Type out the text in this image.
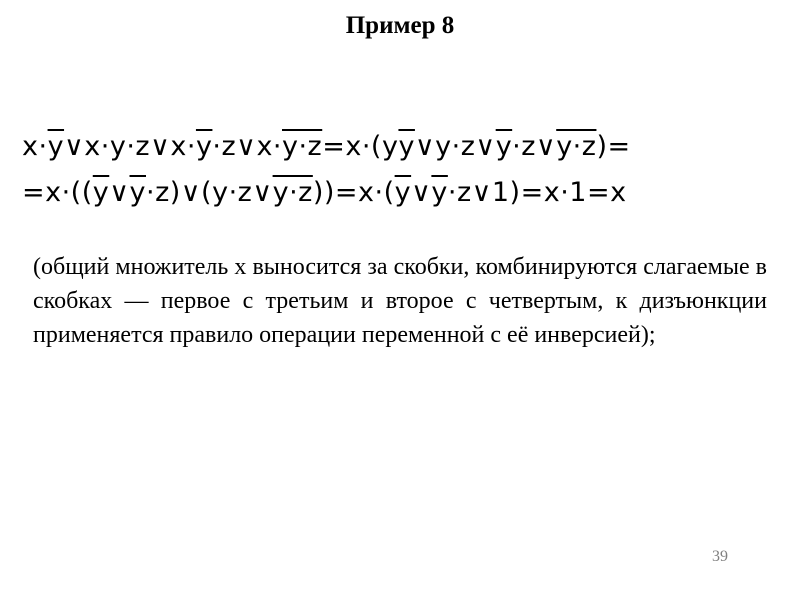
Пример 8
$x\cdot\overline{y}\vee x\cdot y\cdot z\vee x\cdot\overline{y}\cdot z\vee x\cdot y\cdot z=x\cdot(y\overline{y}\vee y\cdot z\vee\overline{y}\cdot z\vee y\cdot z)=$
$=x\cdot((\overline{y}\vee\overline{y}\cdot z)\vee(y\cdot z\vee y\cdot z))=x\cdot(\overline{y}\vee\overline{y}\cdot z\vee 1)=x\cdot 1=x$
(общий множитель x выносится за скобки, комбинируются слагаемые в скобках — первое с третьим и второе с четвертым, к дизъюнкции применяется правило операции переменной с её инверсией);
39
